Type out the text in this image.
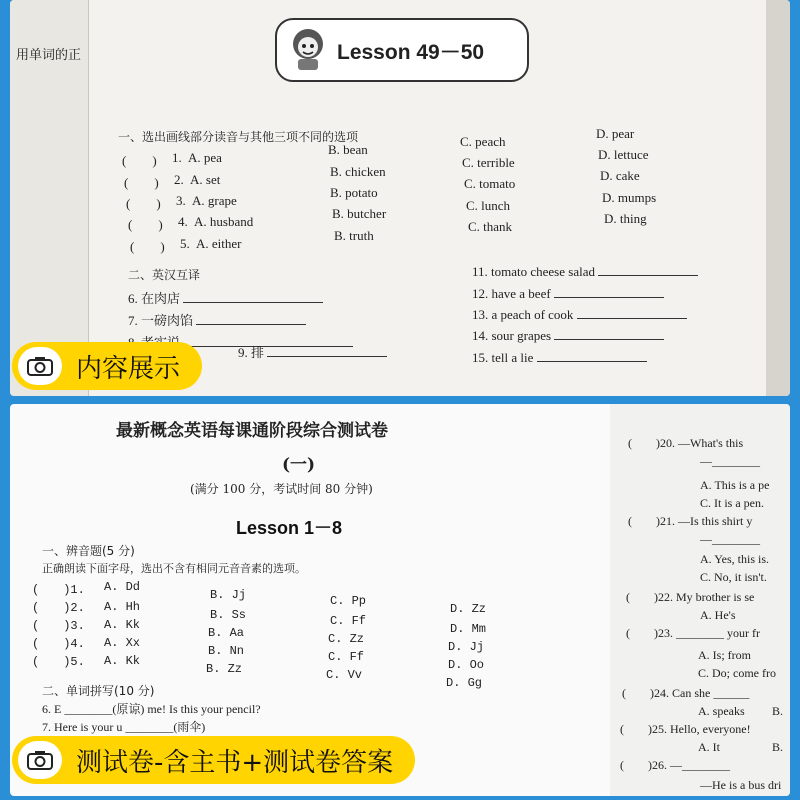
用单词的正	Lesson 49－50
一、选出画线部分读音与其他三项不同的选项
(　　) 1. A. pea
B. bean
C. peach
D. pear
(　　) 2. A. set
B. chicken
C. terrible
D. lettuce
(　　) 3. A. grape
B. potato
C. tomato
D. cake
(　　) 4. A. husband
B. butcher
C. lunch
D. mumps
(　　) 5. A. either
B. truth
C. thank
D. thing
二、英汉互译
6. 在肉店
7. 一磅肉馅
9. 排
11. tomato cheese salad
12. have a beef
13. a peach of cook
14. sour grapes
15. tell a lie
内容展示
最新概念英语每课通阶段综合测试卷
(一)
(满分 100 分，考试时间 80 分钟)
Lesson 1－8
一、辨音题(5 分)
正确朗读下面字母，选出不含有相同元音音素的选项。
(　　)1. A. Dd
B. Jj	C. Pp
D. Zz
(　　)2. A. Hh
B. Ss	C. Ff
D. Mm
(　　)3. A. Kk
B. Aa	C. Zz
D. Jj
(　　)4. A. Xx
B. Nn	C. Ff
D. Oo
(　　)5. A. Kk
B. Zz	C. Vv
D. Gg
二、单词拼写(10 分)
6. E ________(原谅) me! Is this your pencil?
7. Here is your u ________(雨伞)
(　　)20. —What's this
—________
A. This is a pe
C. It is a pen.
(　　)21. —Is this shirt y
—________
A. Yes, this is.
C. No, it isn't.
(　　)22. My brother is se
A. He's
(　　)23. ________ your fr
A. Is; from
C. Do; come fro
(　　)24. Can she ______
A. speaks B.
(　　)25. Hello, everyone!
A. It	B.
(　　)26. —________
—He is a bus dri
测试卷-含主书+测试卷答案
